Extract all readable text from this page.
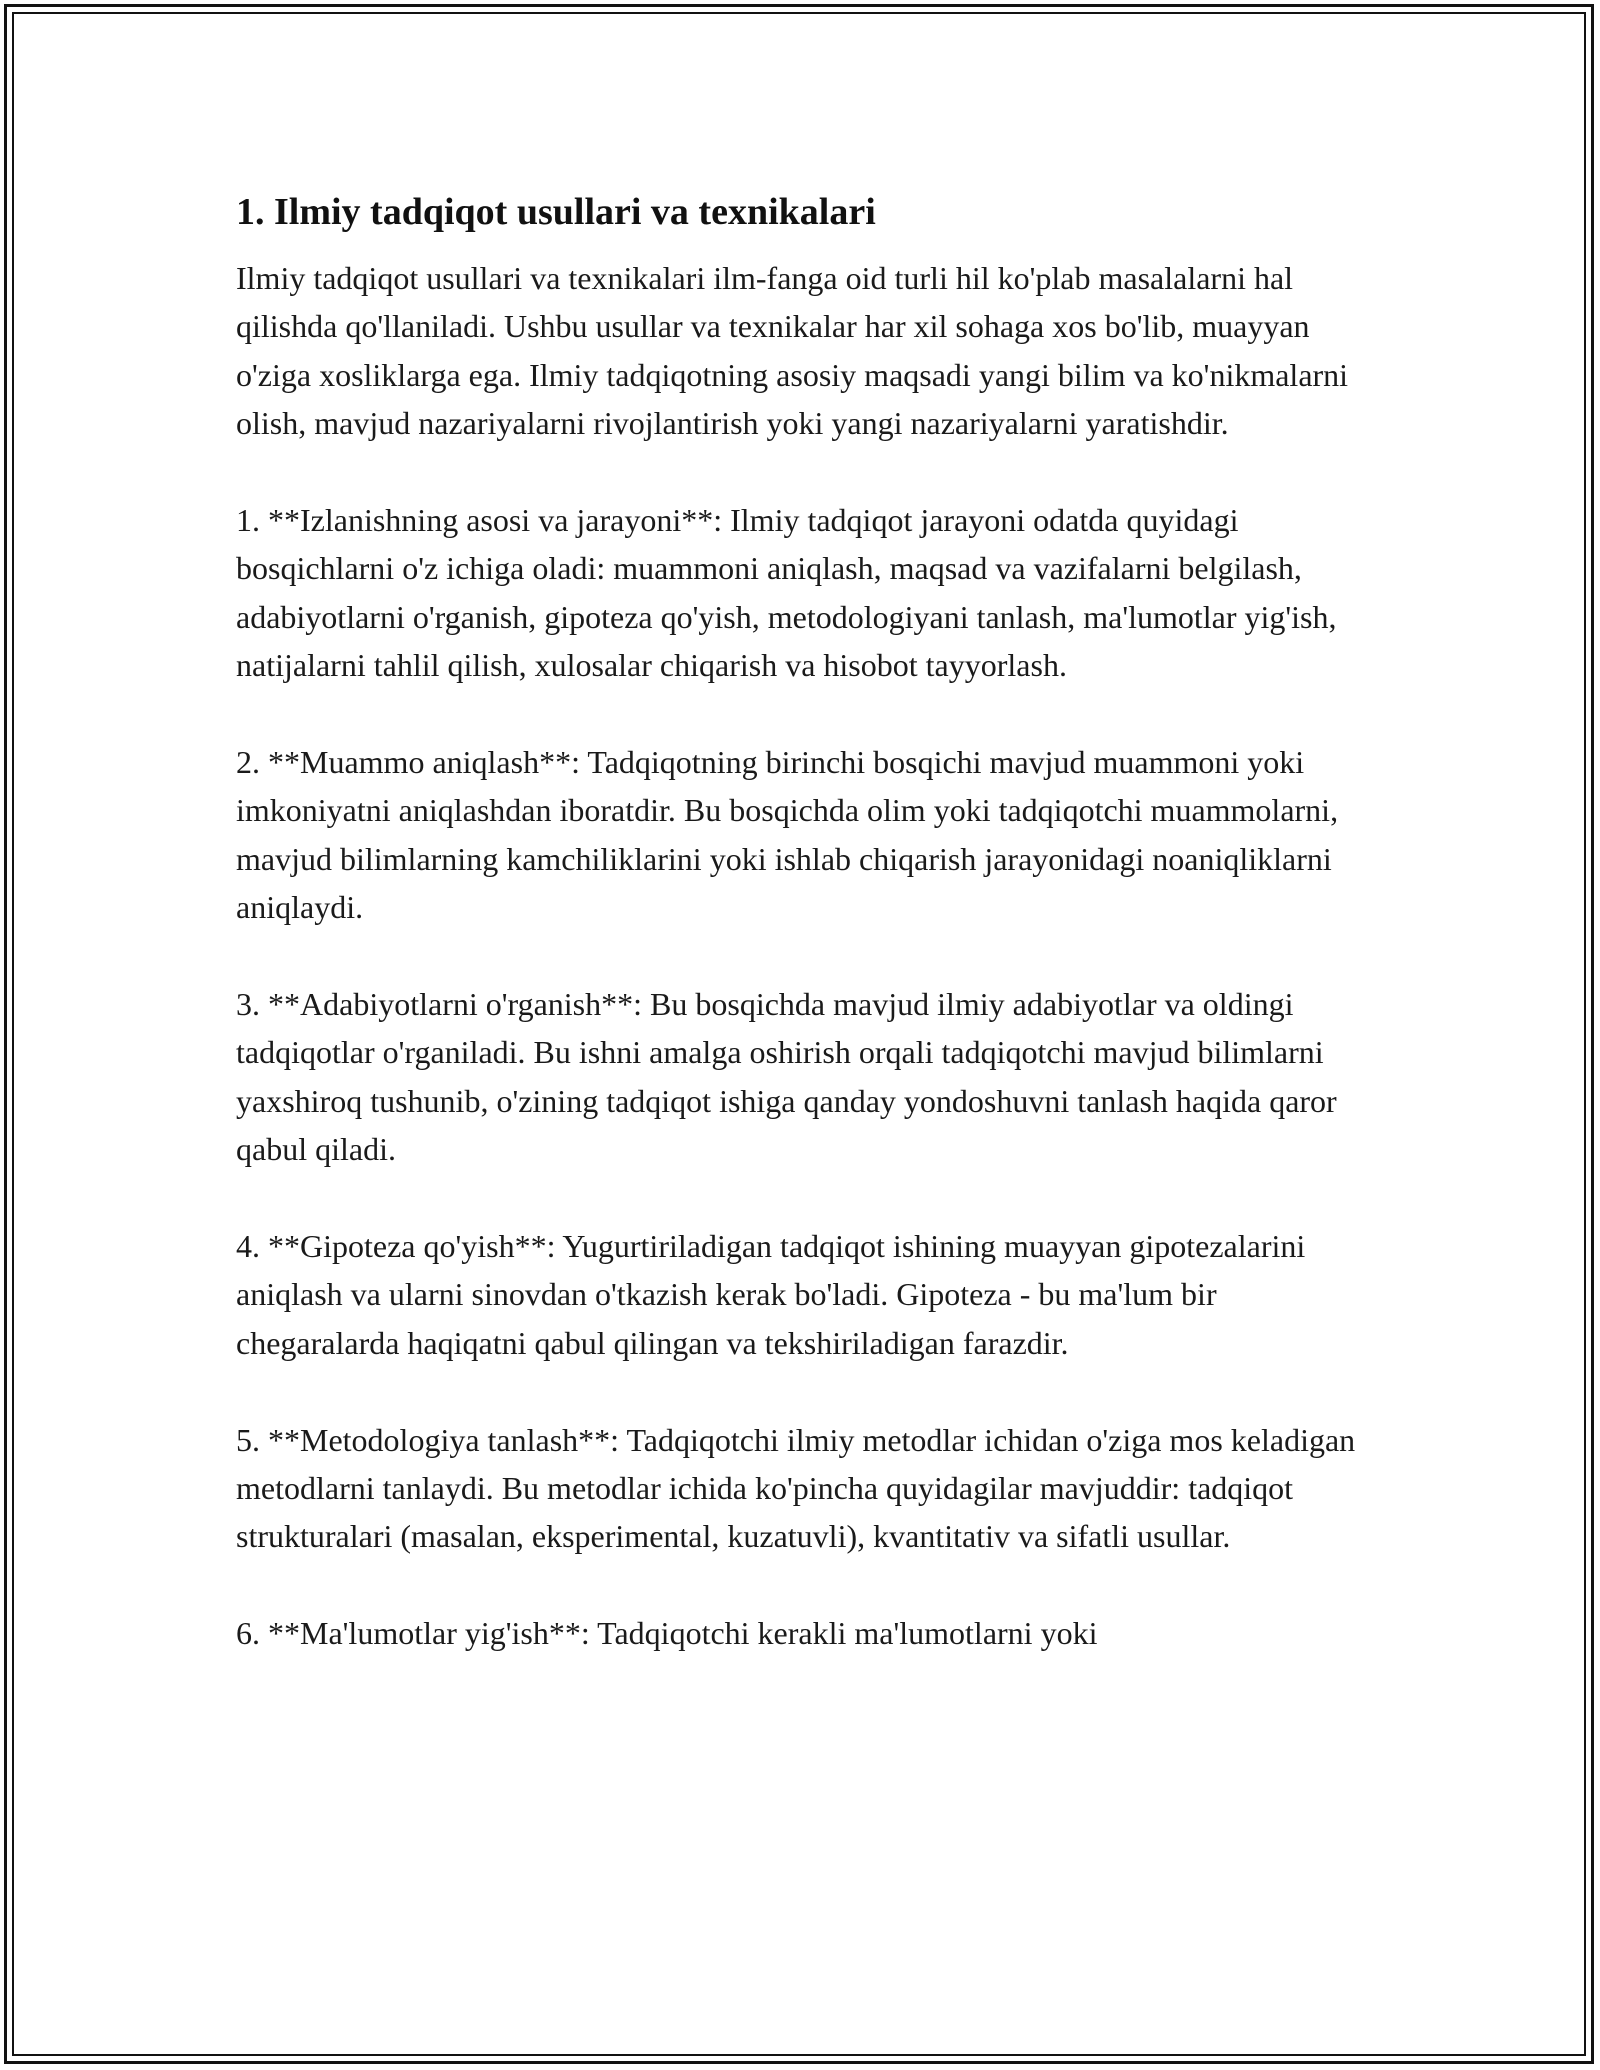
1. Ilmiy tadqiqot usullari va texnikalari

Ilmiy tadqiqot usullari va texnikalari ilm-fanga oid turli hil ko'plab masalalarni hal qilishda qo'llaniladi. Ushbu usullar va texnikalar har xil sohaga xos bo'lib, muayyan o'ziga xosliklarga ega. Ilmiy tadqiqotning asosiy maqsadi yangi bilim va ko'nikmalarni olish, mavjud nazariyalarni rivojlantirish yoki yangi nazariyalarni yaratishdir.

1. **Izlanishning asosi va jarayoni**: Ilmiy tadqiqot jarayoni odatda quyidagi bosqichlarni o'z ichiga oladi: muammoni aniqlash, maqsad va vazifalarni belgilash, adabiyotlarni o'rganish, gipoteza qo'yish, metodologiyani tanlash, ma'lumotlar yig'ish, natijalarni tahlil qilish, xulosalar chiqarish va hisobot tayyorlash.

2. **Muammo aniqlash**: Tadqiqotning birinchi bosqichi mavjud muammoni yoki imkoniyatni aniqlashdan iboratdir. Bu bosqichda olim yoki tadqiqotchi muammolarni, mavjud bilimlarning kamchiliklarini yoki ishlab chiqarish jarayonidagi noaniqliklarni aniqlaydi.

3. **Adabiyotlarni o'rganish**: Bu bosqichda mavjud ilmiy adabiyotlar va oldingi tadqiqotlar o'rganiladi. Bu ishni amalga oshirish orqali tadqiqotchi mavjud bilimlarni yaxshiroq tushunib, o'zining tadqiqot ishiga qanday yondoshuvni tanlash haqida qaror qabul qiladi.

4. **Gipoteza qo'yish**: Yugurtiriladigan tadqiqot ishining muayyan gipotezalarini aniqlash va ularni sinovdan o'tkazish kerak bo'ladi. Gipoteza - bu ma'lum bir chegaralarda haqiqatni qabul qilingan va tekshiriladigan farazdir.

5. **Metodologiya tanlash**: Tadqiqotchi ilmiy metodlar ichidan o'ziga mos keladigan metodlarni tanlaydi. Bu metodlar ichida ko'pincha quyidagilar mavjuddir: tadqiqot strukturalari (masalan, eksperimental, kuzatuvli), kvantitativ va sifatli usullar.

6. **Ma'lumotlar yig'ish**: Tadqiqotchi kerakli ma'lumotlarni yoki
